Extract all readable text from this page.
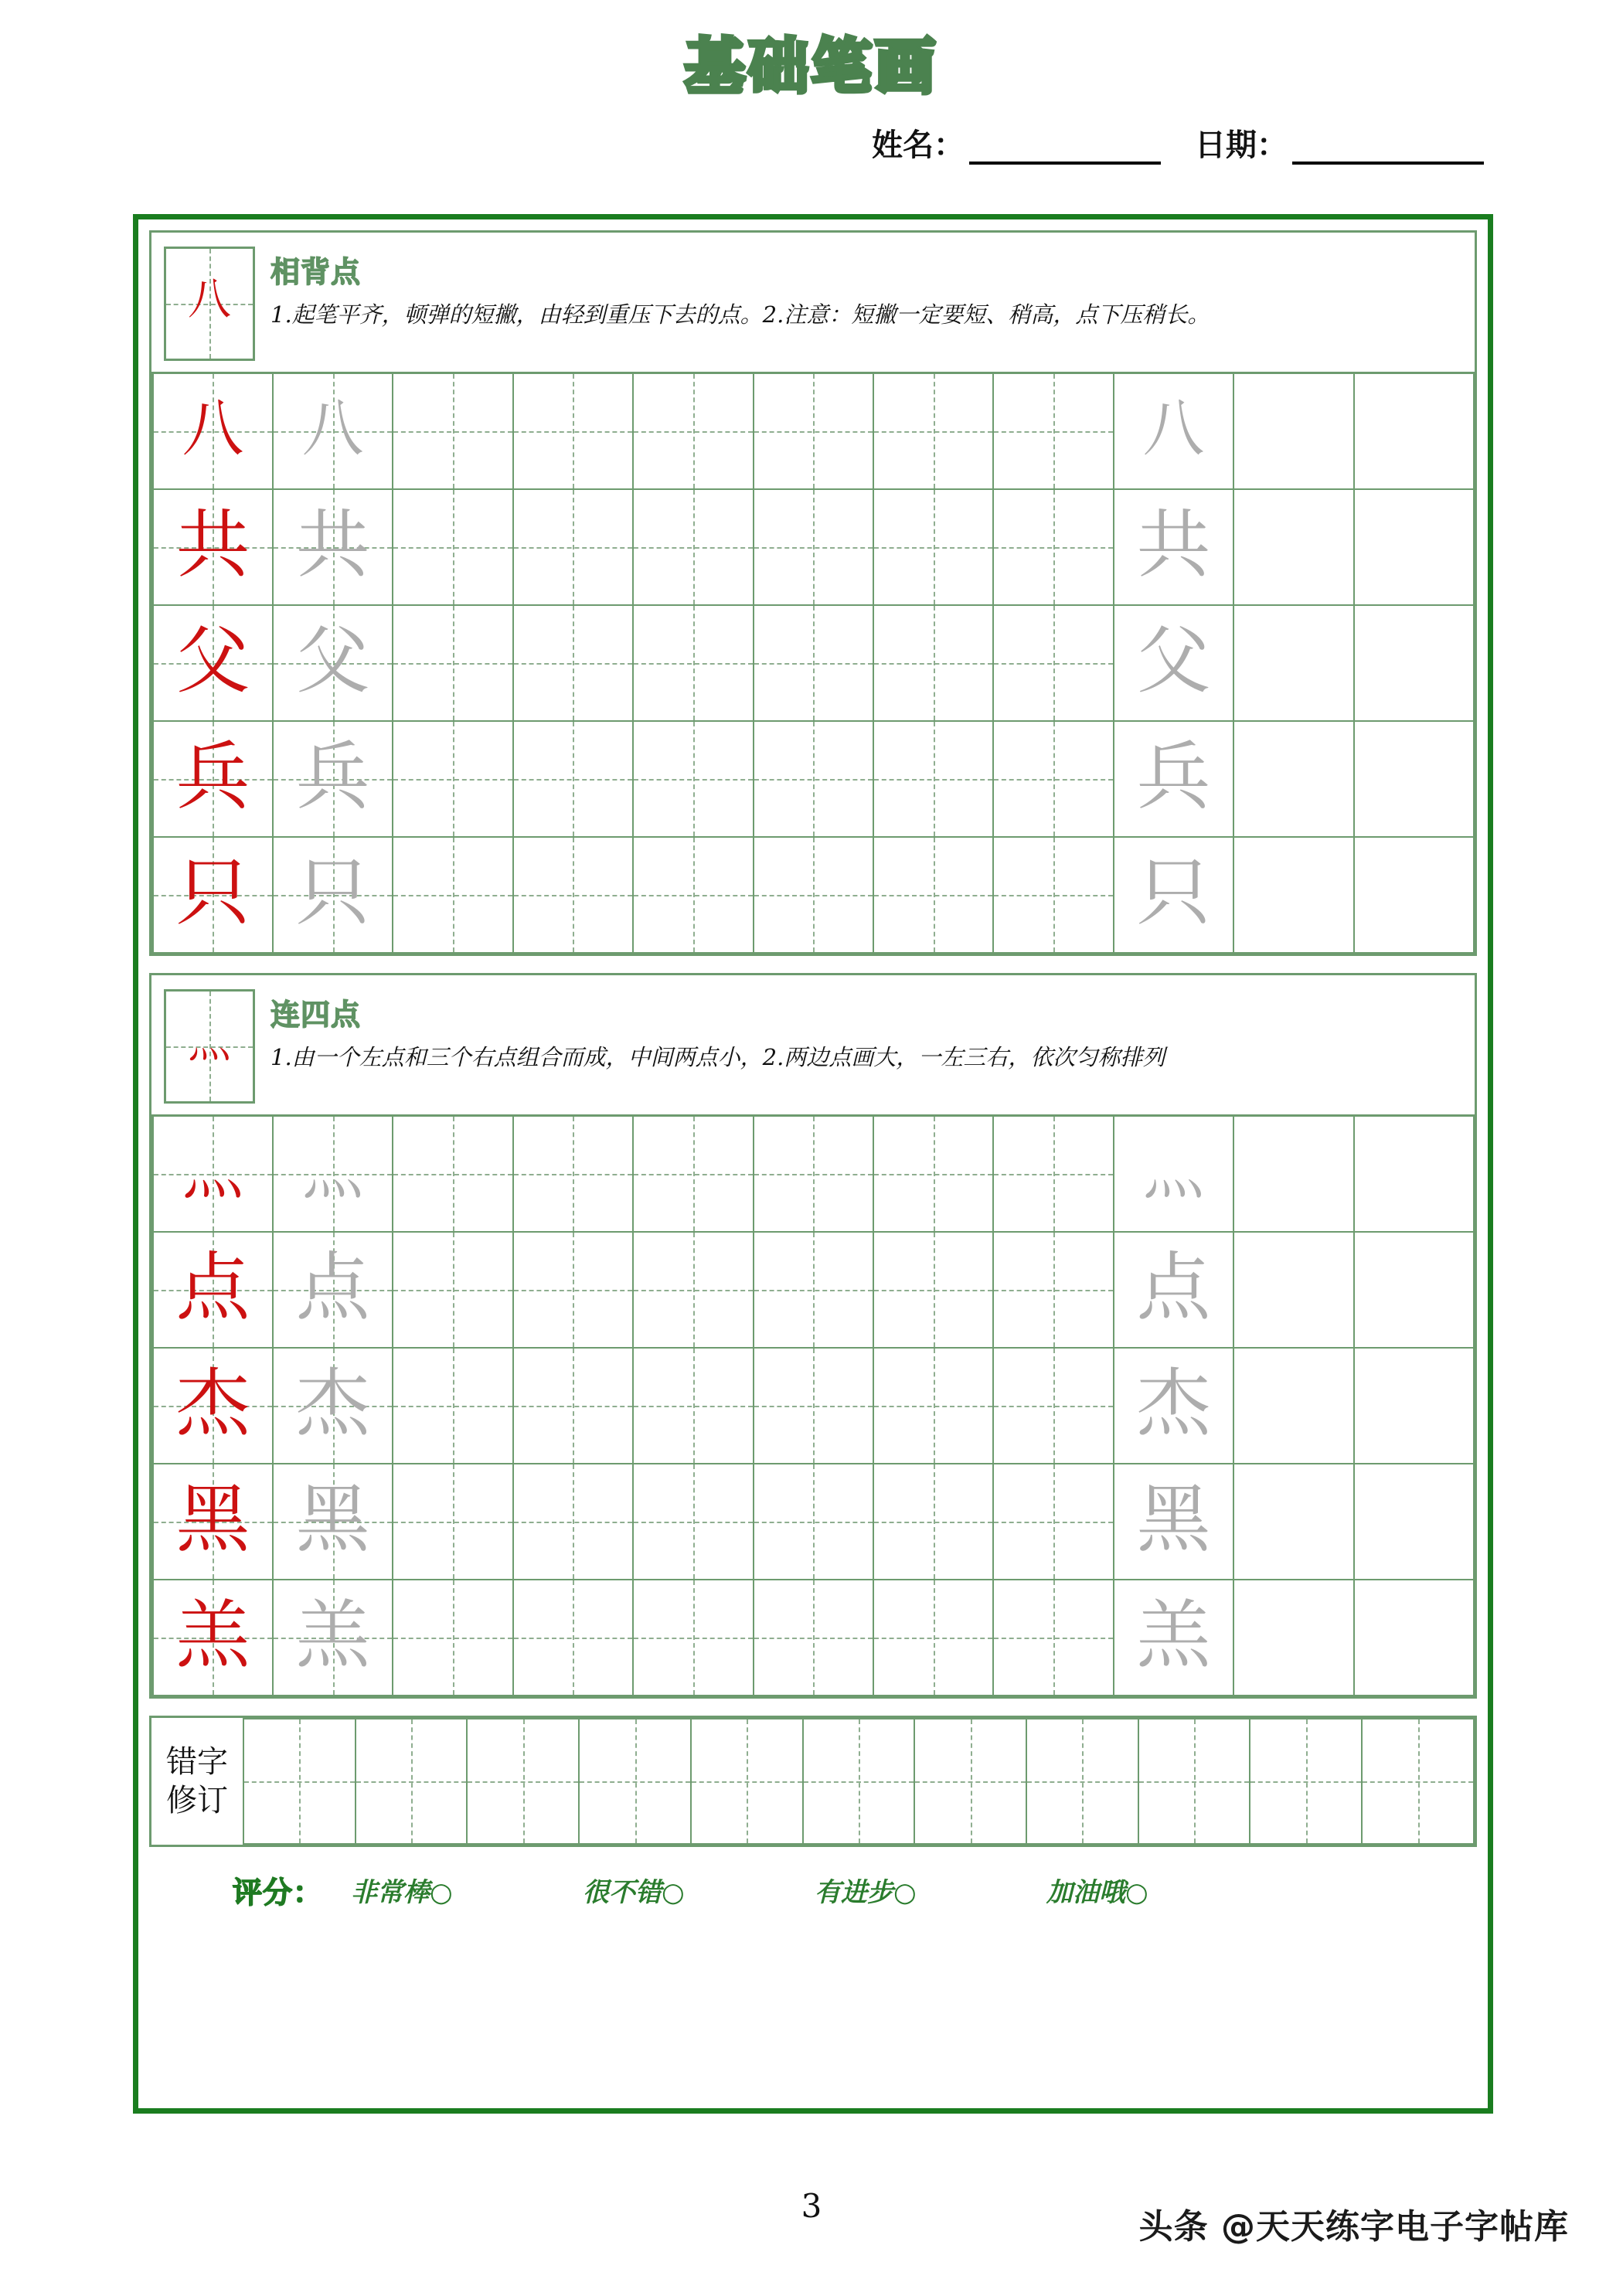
基础笔画
姓名：	日期：
八
相背点
1.起笔平齐，顿弹的短撇，由轻到重压下去的点。2.注意：短撇一定要短、稍高，点下压稍长。
八	八							八		

共	共							共		

父	父							父		

兵	兵							兵		

只	只							只		

灬
连四点
1.由一个左点和三个右点组合而成，中间两点小，2.两边点画大，一左三右，依次匀称排列
灬	灬							灬		

点	点							点		

杰	杰							杰		

黑	黑							黑		

羔	羔							羔		

错字
修订

评分： 非常棒○	很不错○	有进步○	加油哦○
3
头条 @天天练字电子字帖库
